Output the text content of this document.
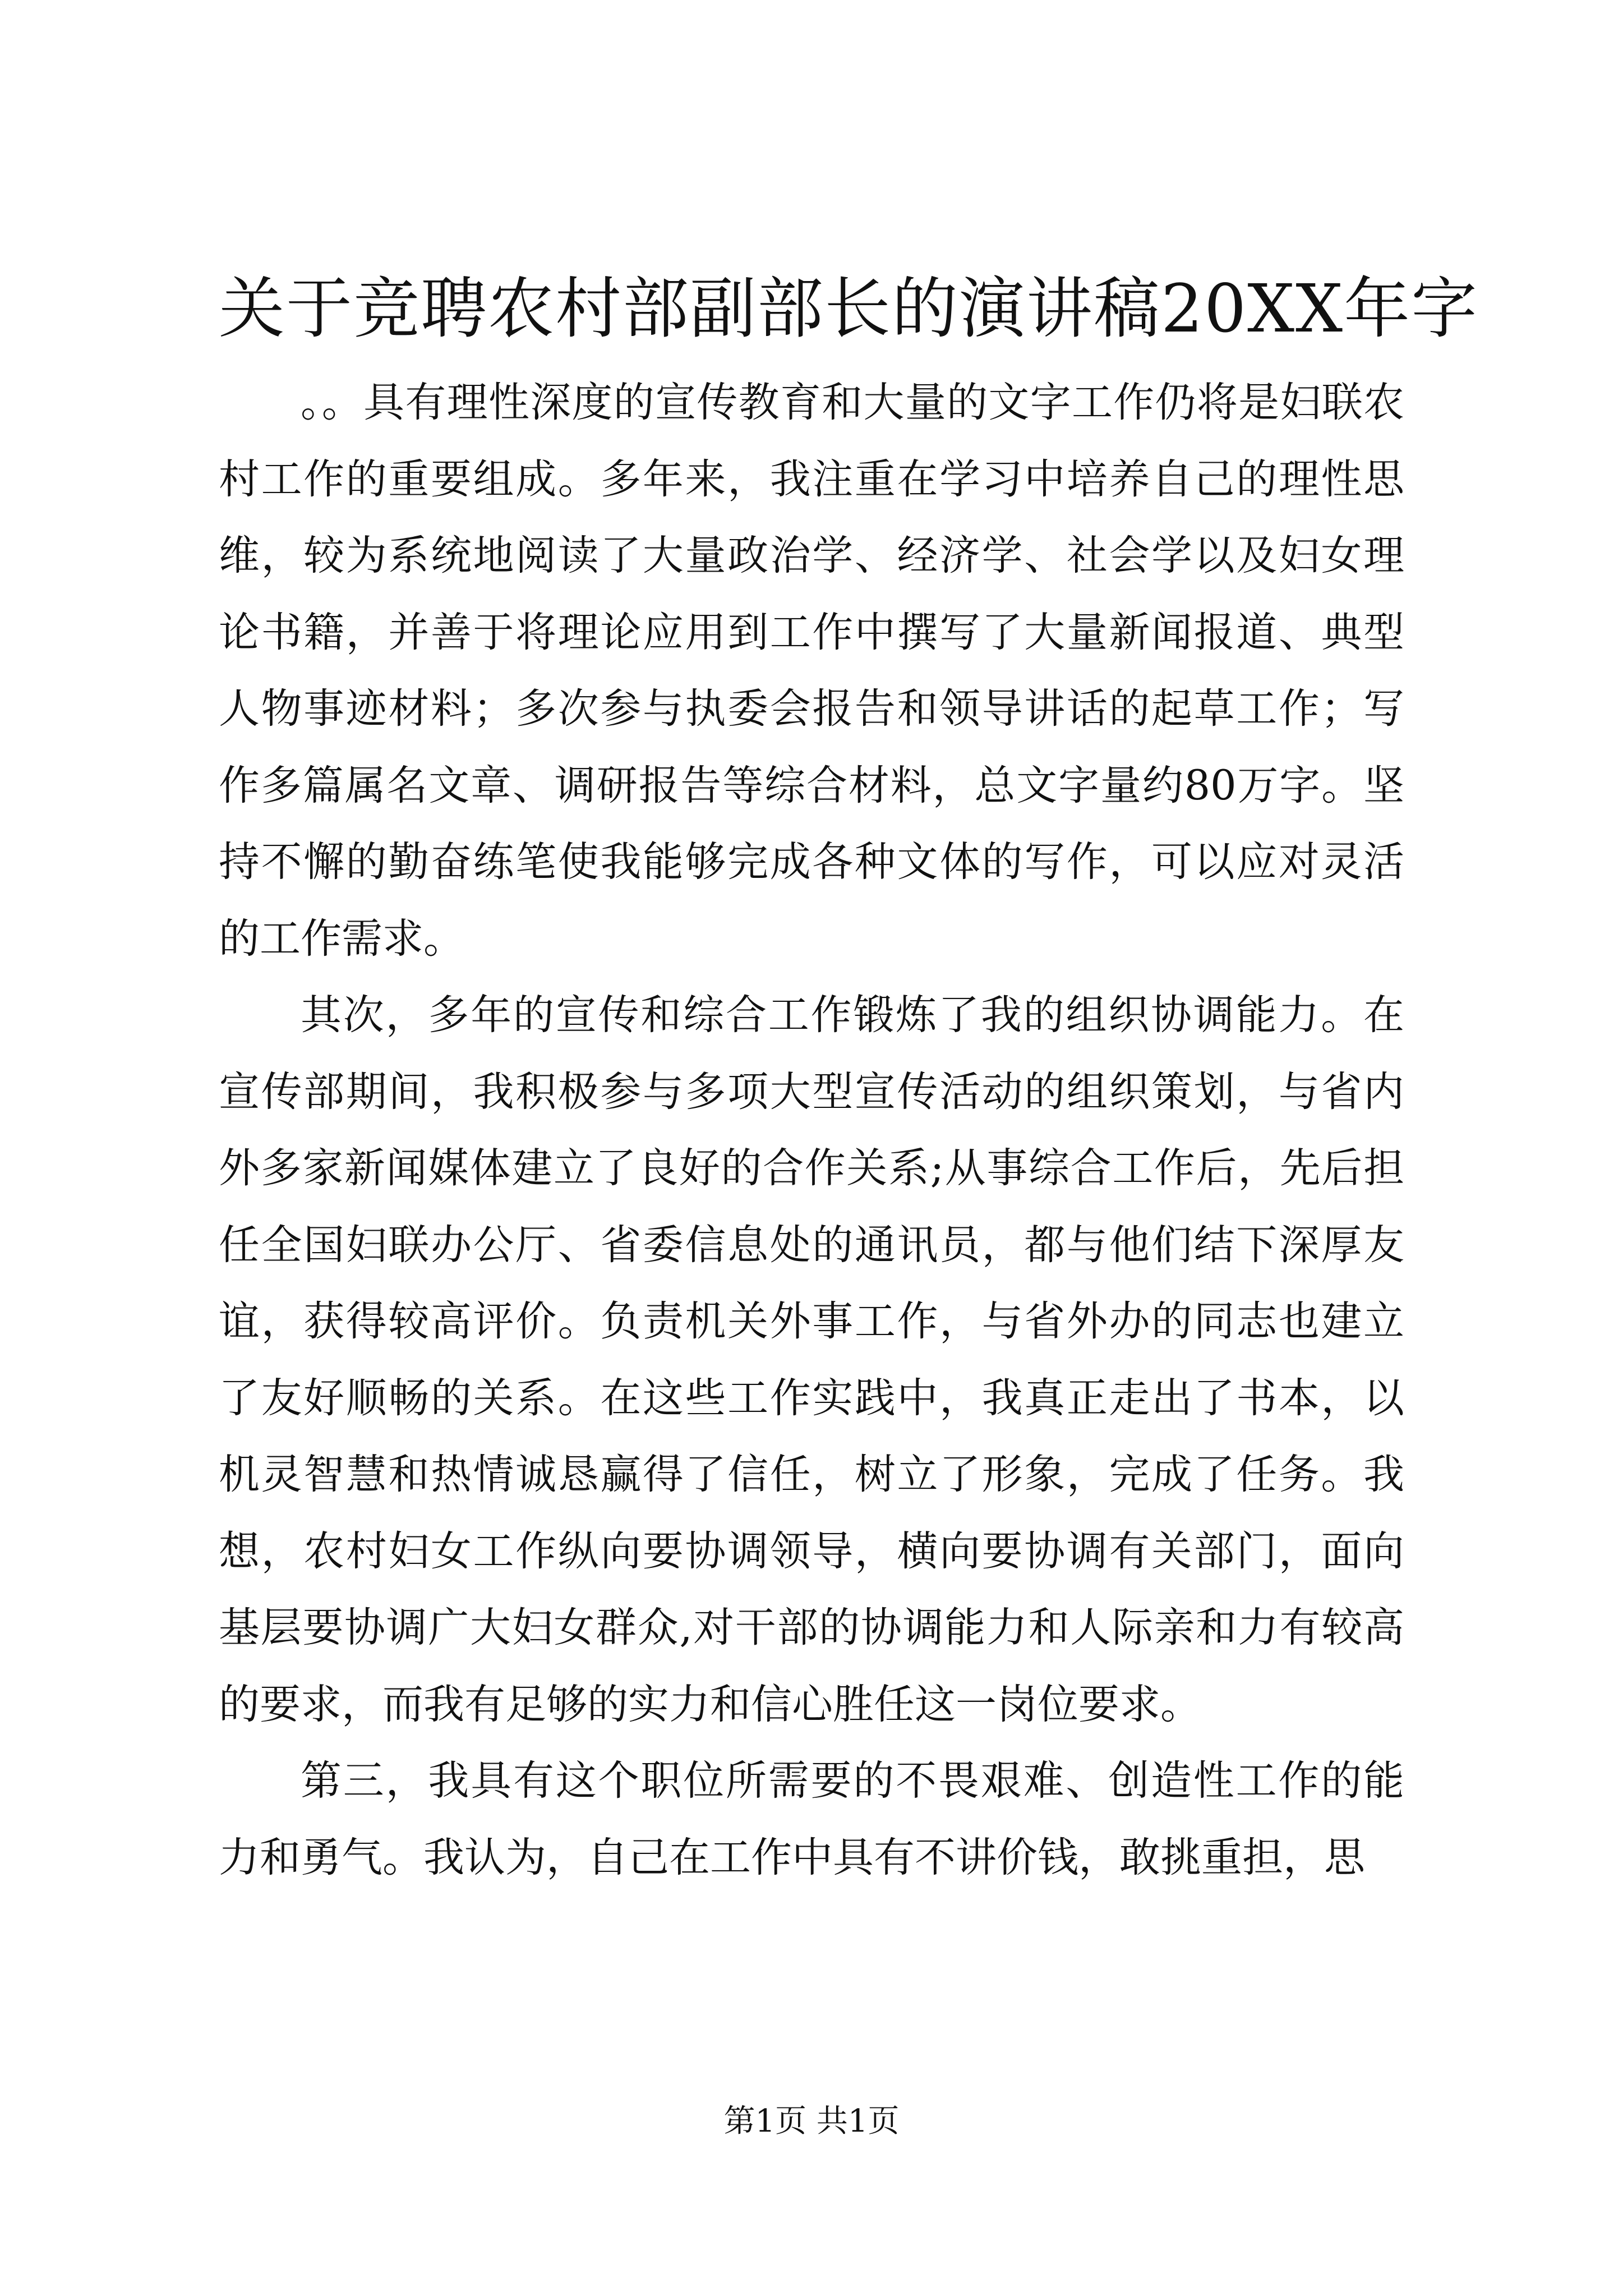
关于竞聘农村部副部长的演讲稿20XX年字

。。具有理性深度的宣传教育和大量的文字工作仍将是妇联农村工作的重要组成。多年来，我注重在学习中培养自己的理性思维，较为系统地阅读了大量政治学、经济学、社会学以及妇女理论书籍，并善于将理论应用到工作中撰写了大量新闻报道、典型人物事迹材料；多次参与执委会报告和领导讲话的起草工作；写作多篇属名文章、调研报告等综合材料，总文字量约80万字。坚持不懈的勤奋练笔使我能够完成各种文体的写作，可以应对灵活的工作需求。

其次，多年的宣传和综合工作锻炼了我的组织协调能力。在宣传部期间，我积极参与多项大型宣传活动的组织策划，与省内外多家新闻媒体建立了良好的合作关系;从事综合工作后，先后担任全国妇联办公厅、省委信息处的通讯员，都与他们结下深厚友谊，获得较高评价。负责机关外事工作，与省外办的同志也建立了友好顺畅的关系。在这些工作实践中，我真正走出了书本，以机灵智慧和热情诚恳赢得了信任，树立了形象，完成了任务。我想，农村妇女工作纵向要协调领导，横向要协调有关部门，面向基层要协调广大妇女群众,对干部的协调能力和人际亲和力有较高的要求，而我有足够的实力和信心胜任这一岗位要求。

第三，我具有这个职位所需要的不畏艰难、创造性工作的能力和勇气。我认为，自己在工作中具有不讲价钱，敢挑重担，思

第1页 共1页
